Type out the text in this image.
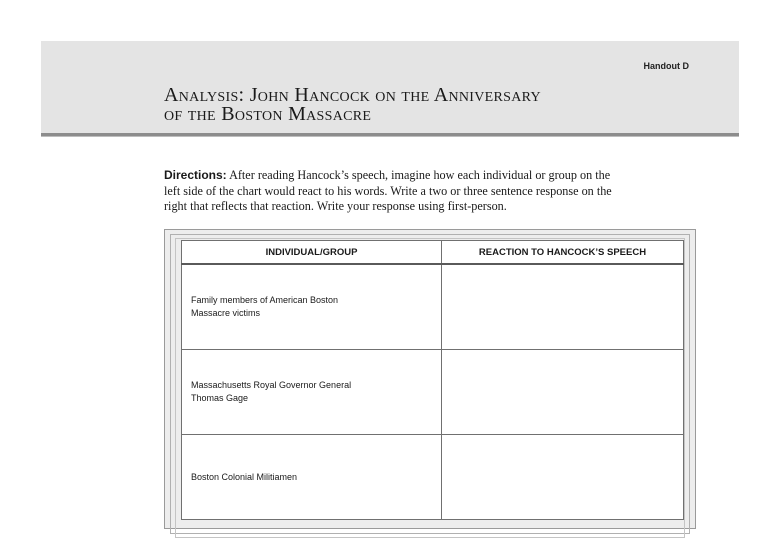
Handout D
Analysis: John Hancock on the Anniversary
of the Boston Massacre
Directions: After reading Hancock’s speech, imagine how each individual or group on the left side of the chart would react to his words. Write a two or three sentence response on the right that reflects that reaction. Write your response using first-person.
INDIVIDUAL/GROUP	REACTION TO HANCOCK’S SPEECH

Family members of American Boston Massacre victims	

Massachusetts Royal Governor General Thomas Gage	

Boston Colonial Militiamen	
